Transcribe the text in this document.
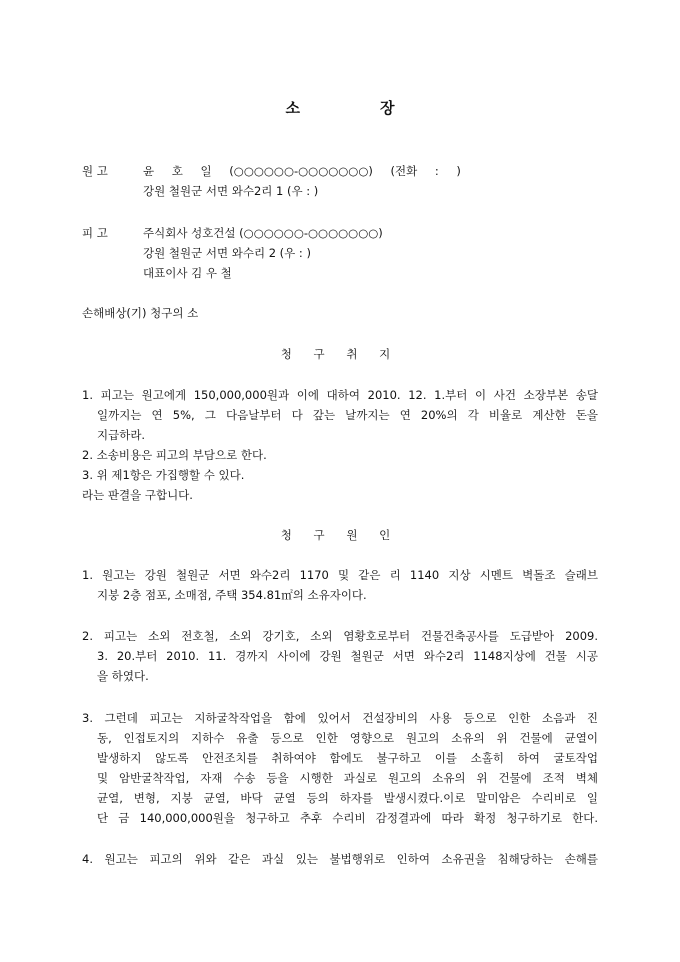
소	장
원 고	윤 호 일 (○○○○○○-○○○○○○○) (전화 : )
강원 철원군 서면 와수2리 1 (우 : )
피 고	주식회사 성호건설 (○○○○○○-○○○○○○○)
강원 철원군 서면 와수리 2 (우 : )
대표이사 김 우 철
손해배상(기) 청구의 소
청 구 취 지
1. 피고는 원고에게 150,000,000원과 이에 대하여 2010. 12. 1.부터 이 사건 소장부본 송달
일까지는 연 5%, 그 다음날부터 다 갚는 날까지는 연 20%의 각 비율로 계산한 돈을
지급하라.
2. 소송비용은 피고의 부담으로 한다.
3. 위 제1항은 가집행할 수 있다.
라는 판결을 구합니다.
청 구 원 인
1. 원고는 강원 철원군 서면 와수2리 1170 및 같은 리 1140 지상 시멘트 벽돌조 슬래브
지붕 2층 점포, 소매점, 주택 354.81㎡의 소유자이다.
2. 피고는 소외 전호철, 소외 강기호, 소외 염황호로부터 건물건축공사를 도급받아 2009.
3. 20.부터 2010. 11. 경까지 사이에 강원 철원군 서면 와수2리 1148지상에 건물 시공
을 하였다.
3. 그런데 피고는 지하굴착작업을 함에 있어서 건설장비의 사용 등으로 인한 소음과 진
동, 인접토지의 지하수 유출 등으로 인한 영향으로 원고의 소유의 위 건물에 균열이
발생하지 않도록 안전조치를 취하여야 함에도 불구하고 이를 소홀히 하여 굴토작업
및 암반굴착작업, 자재 수송 등을 시행한 과실로 원고의 소유의 위 건물에 조적 벽체
균열, 변형, 지붕 균열, 바닥 균열 등의 하자를 발생시켰다.이로 말미암은 수리비로 일
단 금 140,000,000원을 청구하고 추후 수리비 감정결과에 따라 확정 청구하기로 한다.
4. 원고는 피고의 위와 같은 과실 있는 불법행위로 인하여 소유권을 침해당하는 손해를
